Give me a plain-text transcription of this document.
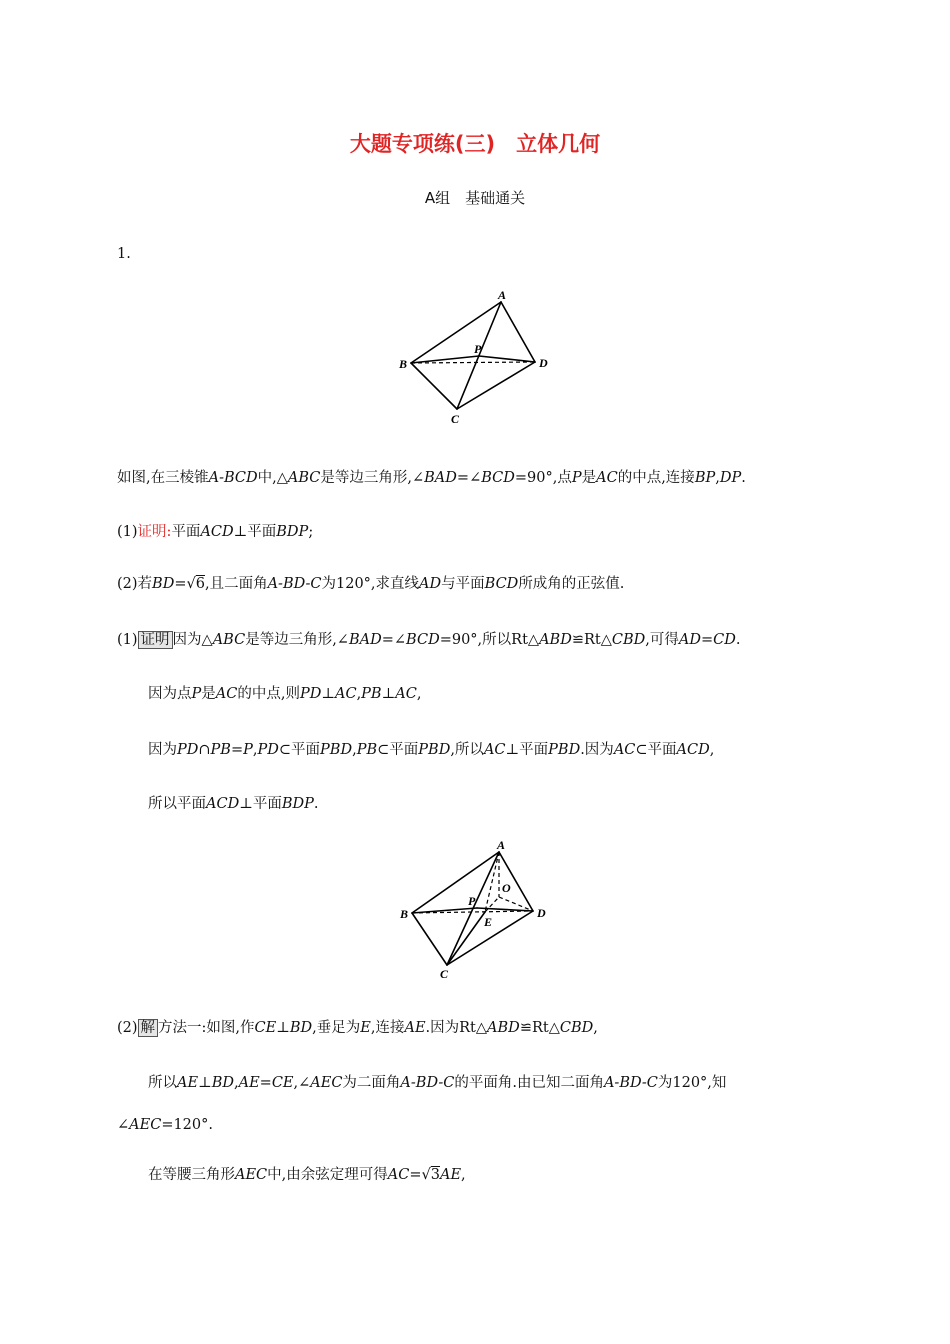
大题专项练(三)　立体几何
A组　基础通关
1.
A
B
C
D
P
如图,在三棱锥A-BCD中,△ABC是等边三角形,∠BAD=∠BCD=90°,点P是AC的中点,连接BP,DP.
(1)证明:平面ACD⊥平面BDP;
(2)若BD=√6,且二面角A-BD-C为120°,求直线AD与平面BCD所成角的正弦值.
(1) 证明 因为△ABC是等边三角形,∠BAD=∠BCD=90°,所以Rt△ABD≌Rt△CBD,可得AD=CD.
因为点P是AC的中点,则PD⊥AC,PB⊥AC,
因为PD∩PB=P,PD⊂平面PBD,PB⊂平面PBD,所以AC⊥平面PBD.因为AC⊂平面ACD,
所以平面ACD⊥平面BDP.
A
B
C
D
P
O
E
(2) 解 方法一:如图,作CE⊥BD,垂足为E,连接AE.因为Rt△ABD≌Rt△CBD,
所以AE⊥BD,AE=CE,∠AEC为二面角A-BD-C的平面角.由已知二面角A-BD-C为120°,知
∠AEC=120°.
在等腰三角形AEC中,由余弦定理可得AC=√3AE,
